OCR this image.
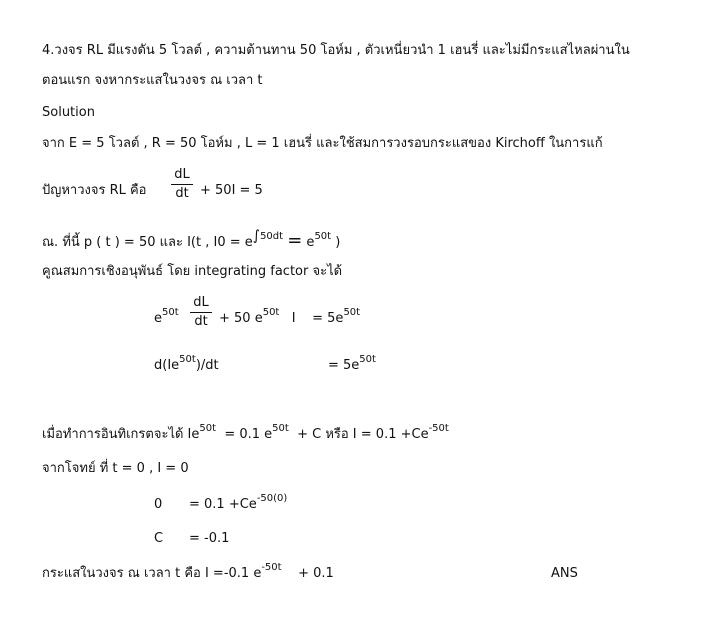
4.วงจร RL มีแรงดัน 5 โวลต์ , ความต้านทาน 50 โอห์ม , ตัวเหนี่ยวนำ 1 เฮนรี่ และไม่มีกระแสไหลผ่านใน
ตอนแรก จงหากระแสในวงจร ณ เวลา t
Solution
จาก E = 5 โวลต์ , R = 50 โอห์ม , L = 1 เฮนรี่ และใช้สมการวงรอบกระแสของ Kirchoff ในการแก้
ปัญหาวงจร RL คือ
dL
dt + 50I = 5
ณ. ที่นี้ p ( t ) = 50 และ I(t , $I0 = e\int^{50dt} = e^{50t}$ )
คูณสมการเชิงอนุพันธ์ โดย integrating factor จะได้
$e^{50t}$
dL
dt + 50 $e^{50t}$ $I = 5e^{50t}$
$d(Ie^{50t})/dt$	= $5e^{50t}$
เมื่อทำการอินทิเกรตจะได้ $Ie^{50t} = 0.1$ $e^{50t} + C$ หรือ $I = 0.1 +Ce^{-50t}$
จากโจทย์ ที่ t = 0 , I = 0
$0 = 0.1 +Ce^{-50(0)}$
C = -0.1
กระแสในวงจร ณ เวลา t คือ I =-0.1 $e^{-50t} + 0.1$	ANS
